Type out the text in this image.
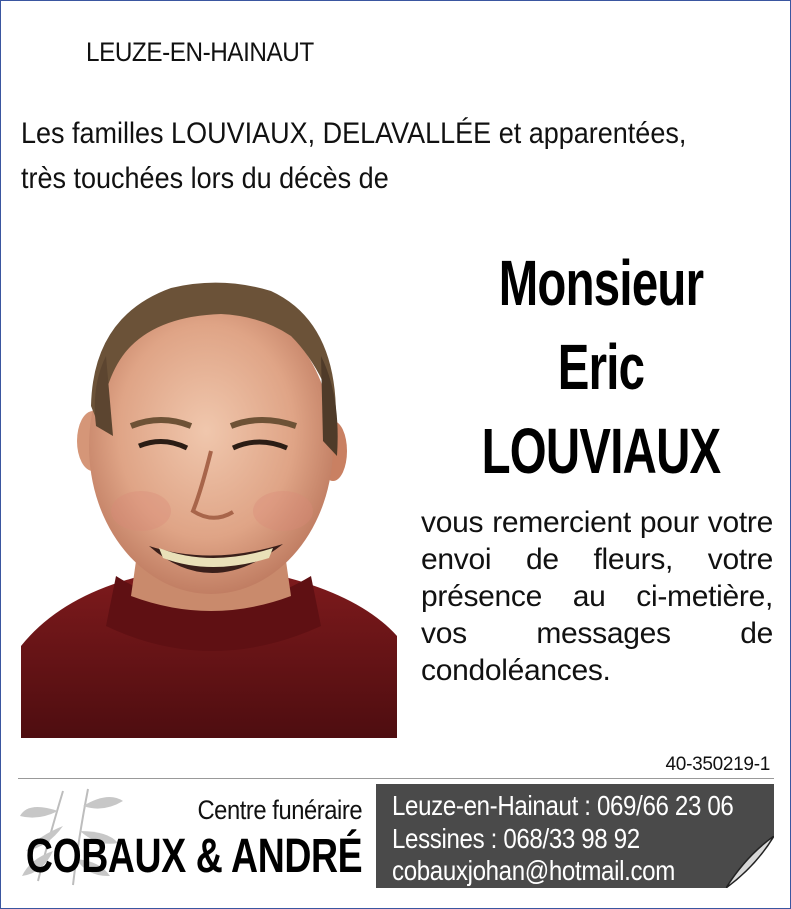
LEUZE-EN-HAINAUT
Les familles LOUVIAUX, DELAVALLÉE et apparentées,
très touchées lors du décès de
Monsieur
Eric
LOUVIAUX
vous remercient pour votre envoi de fleurs, votre présence au ci-metière, vos messages de condoléances.
40-350219-1
Centre funéraire
COBAUX & ANDRÉ
Leuze-en-Hainaut : 069/66 23 06
Lessines : 068/33 98 92
cobauxjohan@hotmail.com
